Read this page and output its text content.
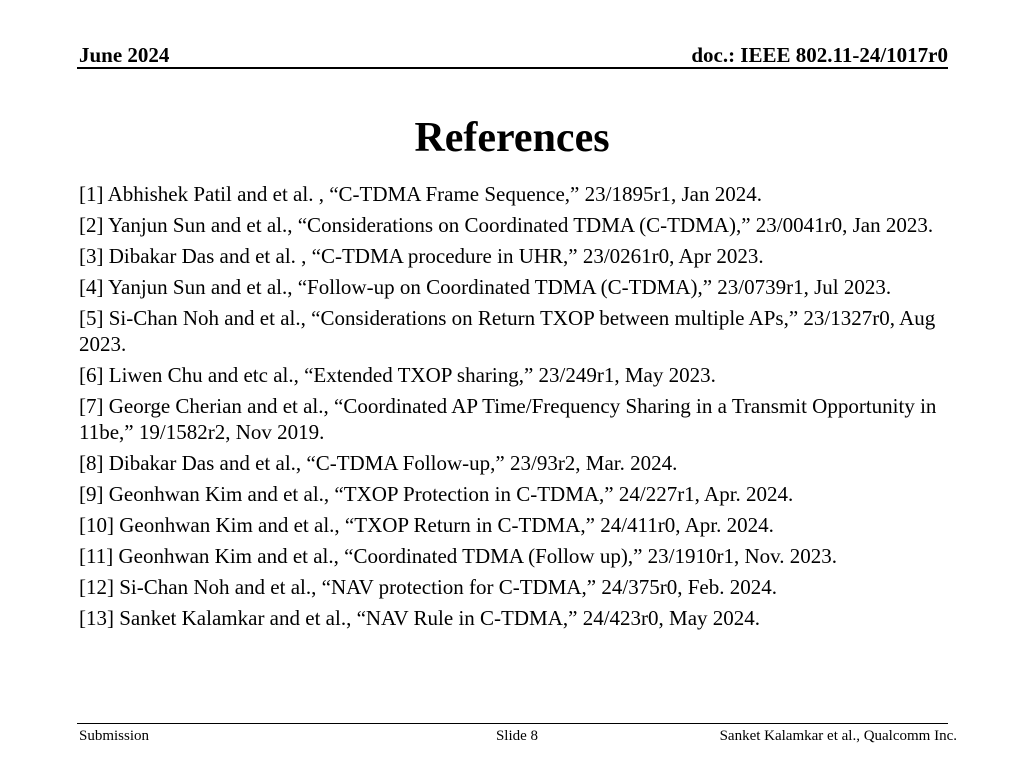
June 2024	doc.: IEEE 802.11-24/1017r0
References
[1] Abhishek Patil and et al. , “C-TDMA Frame Sequence,” 23/1895r1, Jan 2024.
[2] Yanjun Sun and et al., “Considerations on Coordinated TDMA (C-TDMA),” 23/0041r0, Jan 2023.
[3] Dibakar Das and et al. , “C-TDMA procedure in UHR,” 23/0261r0, Apr 2023.
[4] Yanjun Sun and et al., “Follow-up on Coordinated TDMA (C-TDMA),” 23/0739r1, Jul 2023.
[5] Si-Chan Noh and et al., “Considerations on Return TXOP between multiple APs,” 23/1327r0, Aug 2023.
[6] Liwen Chu and etc al., “Extended TXOP sharing,” 23/249r1, May 2023.
[7] George Cherian and et al., “Coordinated AP Time/Frequency Sharing in a Transmit Opportunity in 11be,” 19/1582r2, Nov 2019.
[8] Dibakar Das and et al., “C-TDMA Follow-up,” 23/93r2, Mar. 2024.
[9] Geonhwan Kim and et al., “TXOP Protection in C-TDMA,” 24/227r1, Apr. 2024.
[10] Geonhwan Kim and et al., “TXOP Return in C-TDMA,” 24/411r0, Apr. 2024.
[11] Geonhwan Kim and et al., “Coordinated TDMA (Follow up),” 23/1910r1, Nov. 2023.
[12] Si-Chan Noh and et al., “NAV protection for C-TDMA,” 24/375r0, Feb. 2024.
[13] Sanket Kalamkar and et al., “NAV Rule in C-TDMA,” 24/423r0, May 2024.
Submission	Slide 8	Sanket Kalamkar et al., Qualcomm Inc.
